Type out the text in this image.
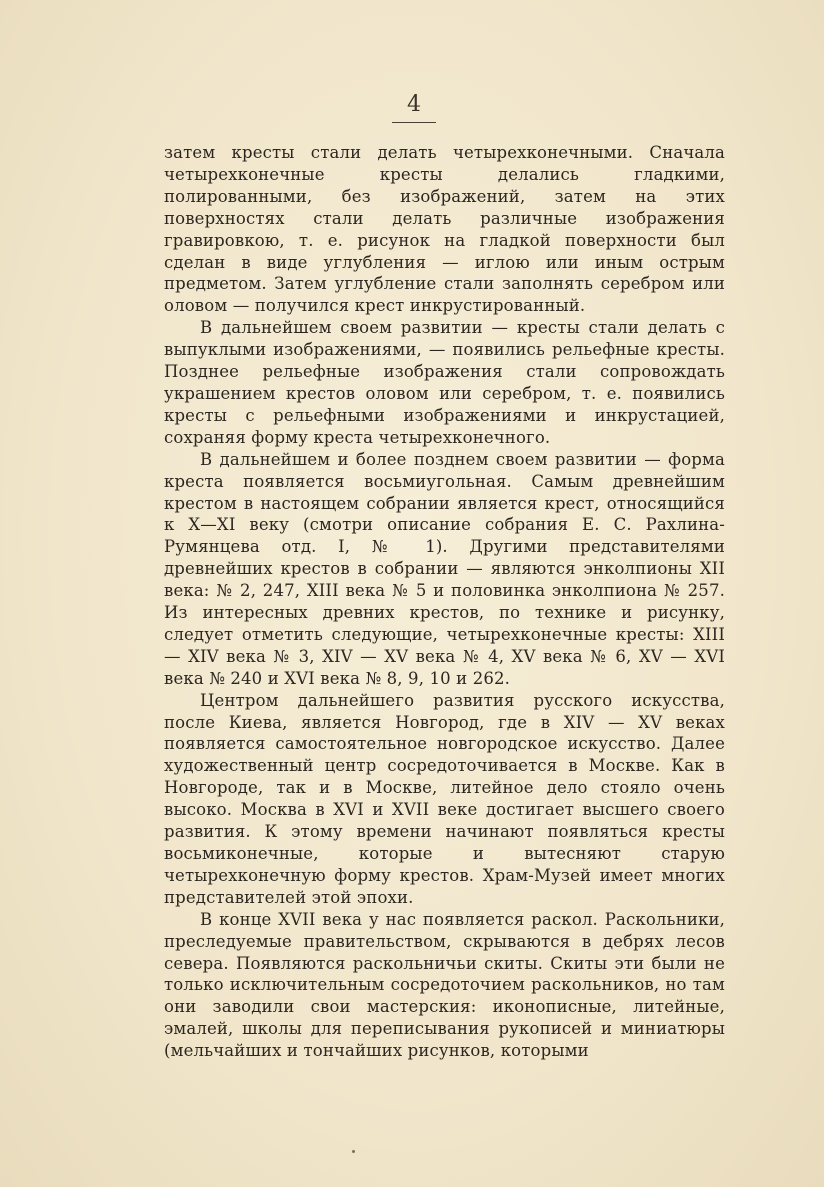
4

затем кресты стали делать четырехконечными. Сначала четырехконечные кресты делались гладкими, полированными, без изображений, затем на этих поверхностях стали делать различные изображения гравировкою, т. е. рисунок на гладкой поверхности был сделан в виде углубления — иглою или иным острым предметом. Затем углубление стали заполнять серебром или оловом — получился крест инкрустированный.

В дальнейшем своем развитии — кресты стали делать с выпуклыми изображениями, — появились рельефные кресты. Позднее рельефные изображения стали сопровождать украшением крестов оловом или серебром, т. е. появились кресты с рельефными изображениями и инкрустацией, сохраняя форму креста четырехконечного.

В дальнейшем и более позднем своем развитии — форма креста появляется восьмиугольная. Самым древнейшим крестом в настоящем собрании является крест, относящийся к X—XI веку (смотри описание собрания Е. С. Рахлина-Румянцева отд. I, № 1). Другими представителями древнейших крестов в собрании — являются энколпионы XII века: № 2, 247, XIII века № 5 и половинка энколпиона № 257. Из интересных древних крестов, по технике и рисунку, следует отметить следующие, четырехконечные кресты: XIII — XIV века № 3, XIV — XV века № 4, XV века № 6, XV — XVI века № 240 и XVI века № 8, 9, 10 и 262.

Центром дальнейшего развития русского искусства, после Киева, является Новгород, где в XIV — XV веках появляется самостоятельное новгородское искусство. Далее художественный центр сосредоточивается в Москве. Как в Новгороде, так и в Москве, литейное дело стояло очень высоко. Москва в XVI и XVII веке достигает высшего своего развития. К этому времени начинают появляться кресты восьмиконечные, которые и вытесняют старую четырехконечную форму крестов. Храм-Музей имеет многих представителей этой эпохи.

В конце XVII века у нас появляется раскол. Раскольники, преследуемые правительством, скрываются в дебрях лесов севера. Появляются раскольничьи скиты. Скиты эти были не только исключительным сосредоточием раскольников, но там они заводили свои мастерския: иконописные, литейные, эмалей, школы для переписывания рукописей и миниатюры (мельчайших и тончайших рисунков, которыми
